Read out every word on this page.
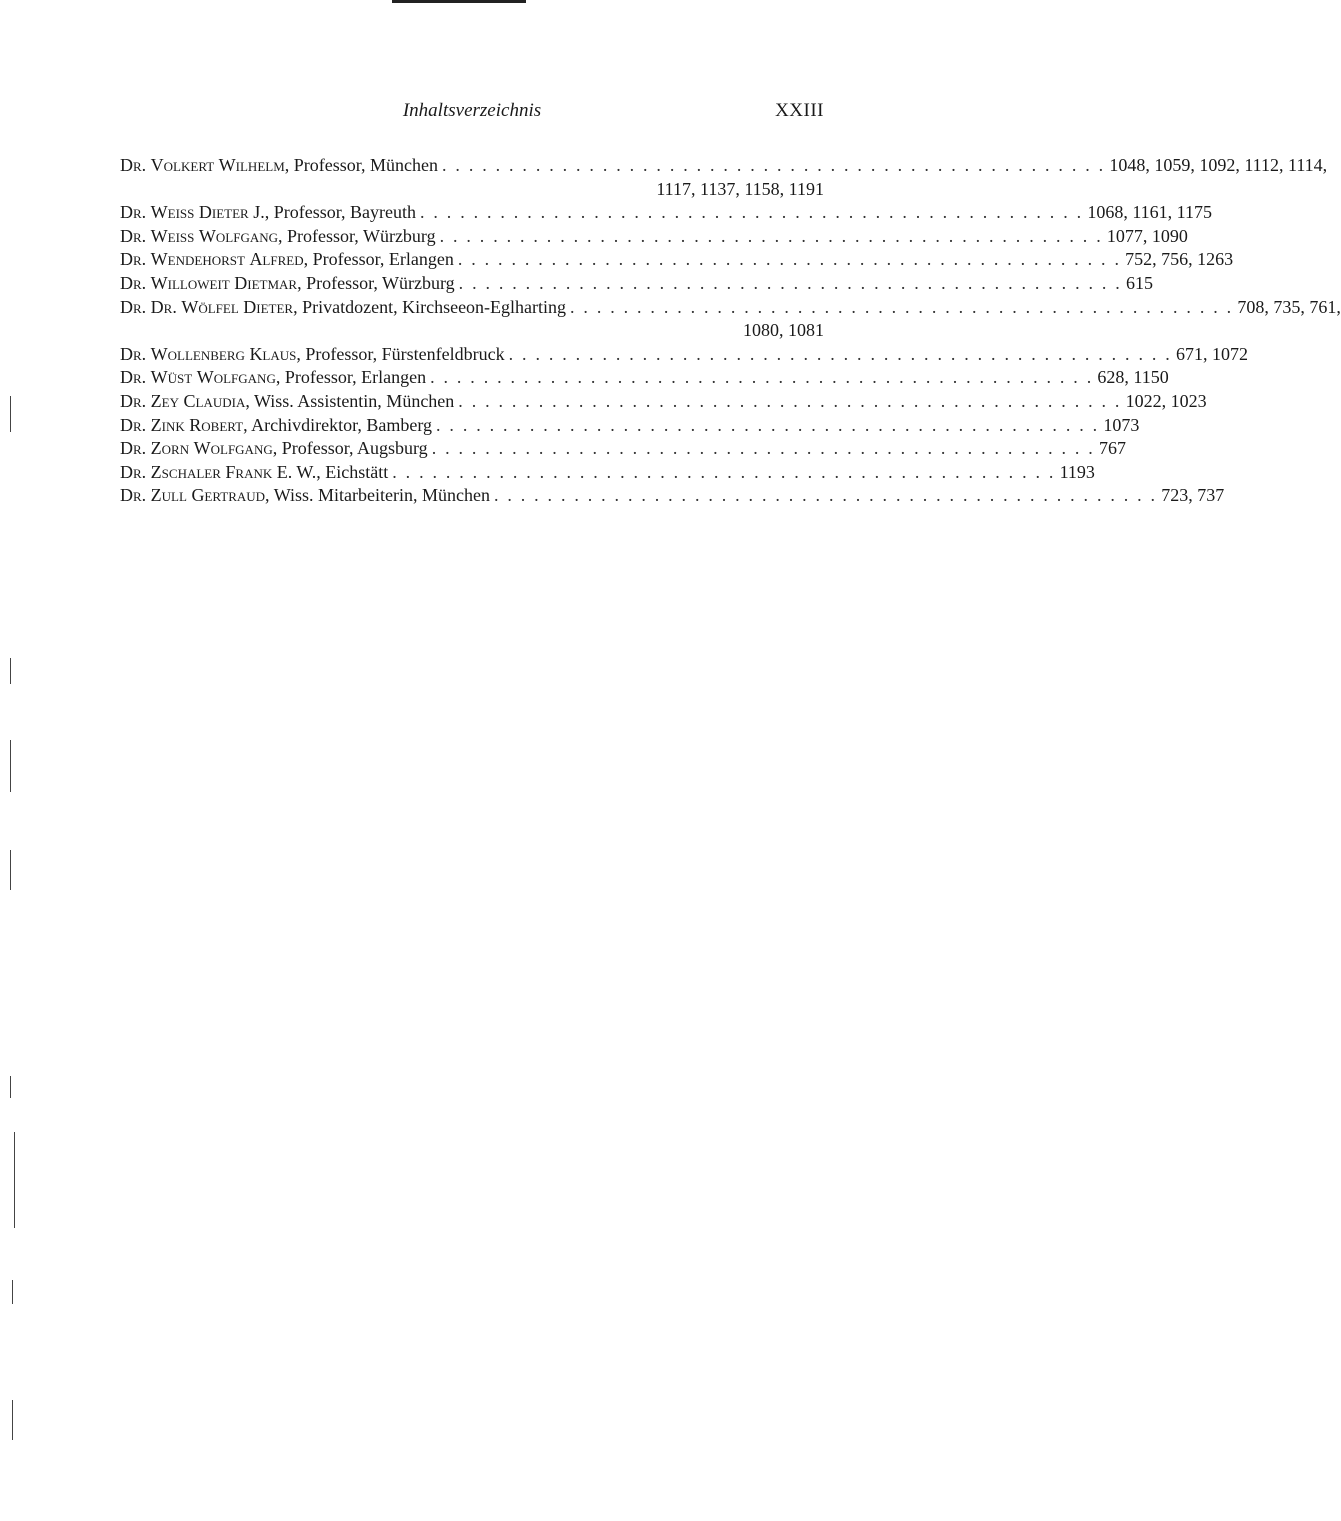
Inhaltsverzeichnis	XXIII
Dr. Volkert Wilhelm, Professor, München . . . . . . . . . . . . . . . . . . . . . . . . . . . . . . . . . . . . . . . . . . . . . . . . . . 1048, 1059, 1092, 1112, 1114,
1117, 1137, 1158, 1191
Dr. Weiss Dieter J., Professor, Bayreuth . . . . . . . . . . . . . . . . . . . . . . . . . . . . . . . . . . . . . . . . . . . . . . . . . . 1068, 1161, 1175
Dr. Weiss Wolfgang, Professor, Würzburg . . . . . . . . . . . . . . . . . . . . . . . . . . . . . . . . . . . . . . . . . . . . . . . . . . 1077, 1090
Dr. Wendehorst Alfred, Professor, Erlangen . . . . . . . . . . . . . . . . . . . . . . . . . . . . . . . . . . . . . . . . . . . . . . . . . . 752, 756, 1263
Dr. Willoweit Dietmar, Professor, Würzburg . . . . . . . . . . . . . . . . . . . . . . . . . . . . . . . . . . . . . . . . . . . . . . . . . . 615
Dr. Dr. Wölfel Dieter, Privatdozent, Kirchseeon-Eglharting . . . . . . . . . . . . . . . . . . . . . . . . . . . . . . . . . . . . . . . . . . . . . . . . . . 708, 735, 761,
1080, 1081
Dr. Wollenberg Klaus, Professor, Fürstenfeldbruck . . . . . . . . . . . . . . . . . . . . . . . . . . . . . . . . . . . . . . . . . . . . . . . . . . 671, 1072
Dr. Wüst Wolfgang, Professor, Erlangen . . . . . . . . . . . . . . . . . . . . . . . . . . . . . . . . . . . . . . . . . . . . . . . . . . 628, 1150
Dr. Zey Claudia, Wiss. Assistentin, München . . . . . . . . . . . . . . . . . . . . . . . . . . . . . . . . . . . . . . . . . . . . . . . . . . 1022, 1023
Dr. Zink Robert, Archivdirektor, Bamberg . . . . . . . . . . . . . . . . . . . . . . . . . . . . . . . . . . . . . . . . . . . . . . . . . . 1073
Dr. Zorn Wolfgang, Professor, Augsburg . . . . . . . . . . . . . . . . . . . . . . . . . . . . . . . . . . . . . . . . . . . . . . . . . . 767
Dr. Zschaler Frank E. W., Eichstätt . . . . . . . . . . . . . . . . . . . . . . . . . . . . . . . . . . . . . . . . . . . . . . . . . . 1193
Dr. Zull Gertraud, Wiss. Mitarbeiterin, München . . . . . . . . . . . . . . . . . . . . . . . . . . . . . . . . . . . . . . . . . . . . . . . . . . 723, 737
